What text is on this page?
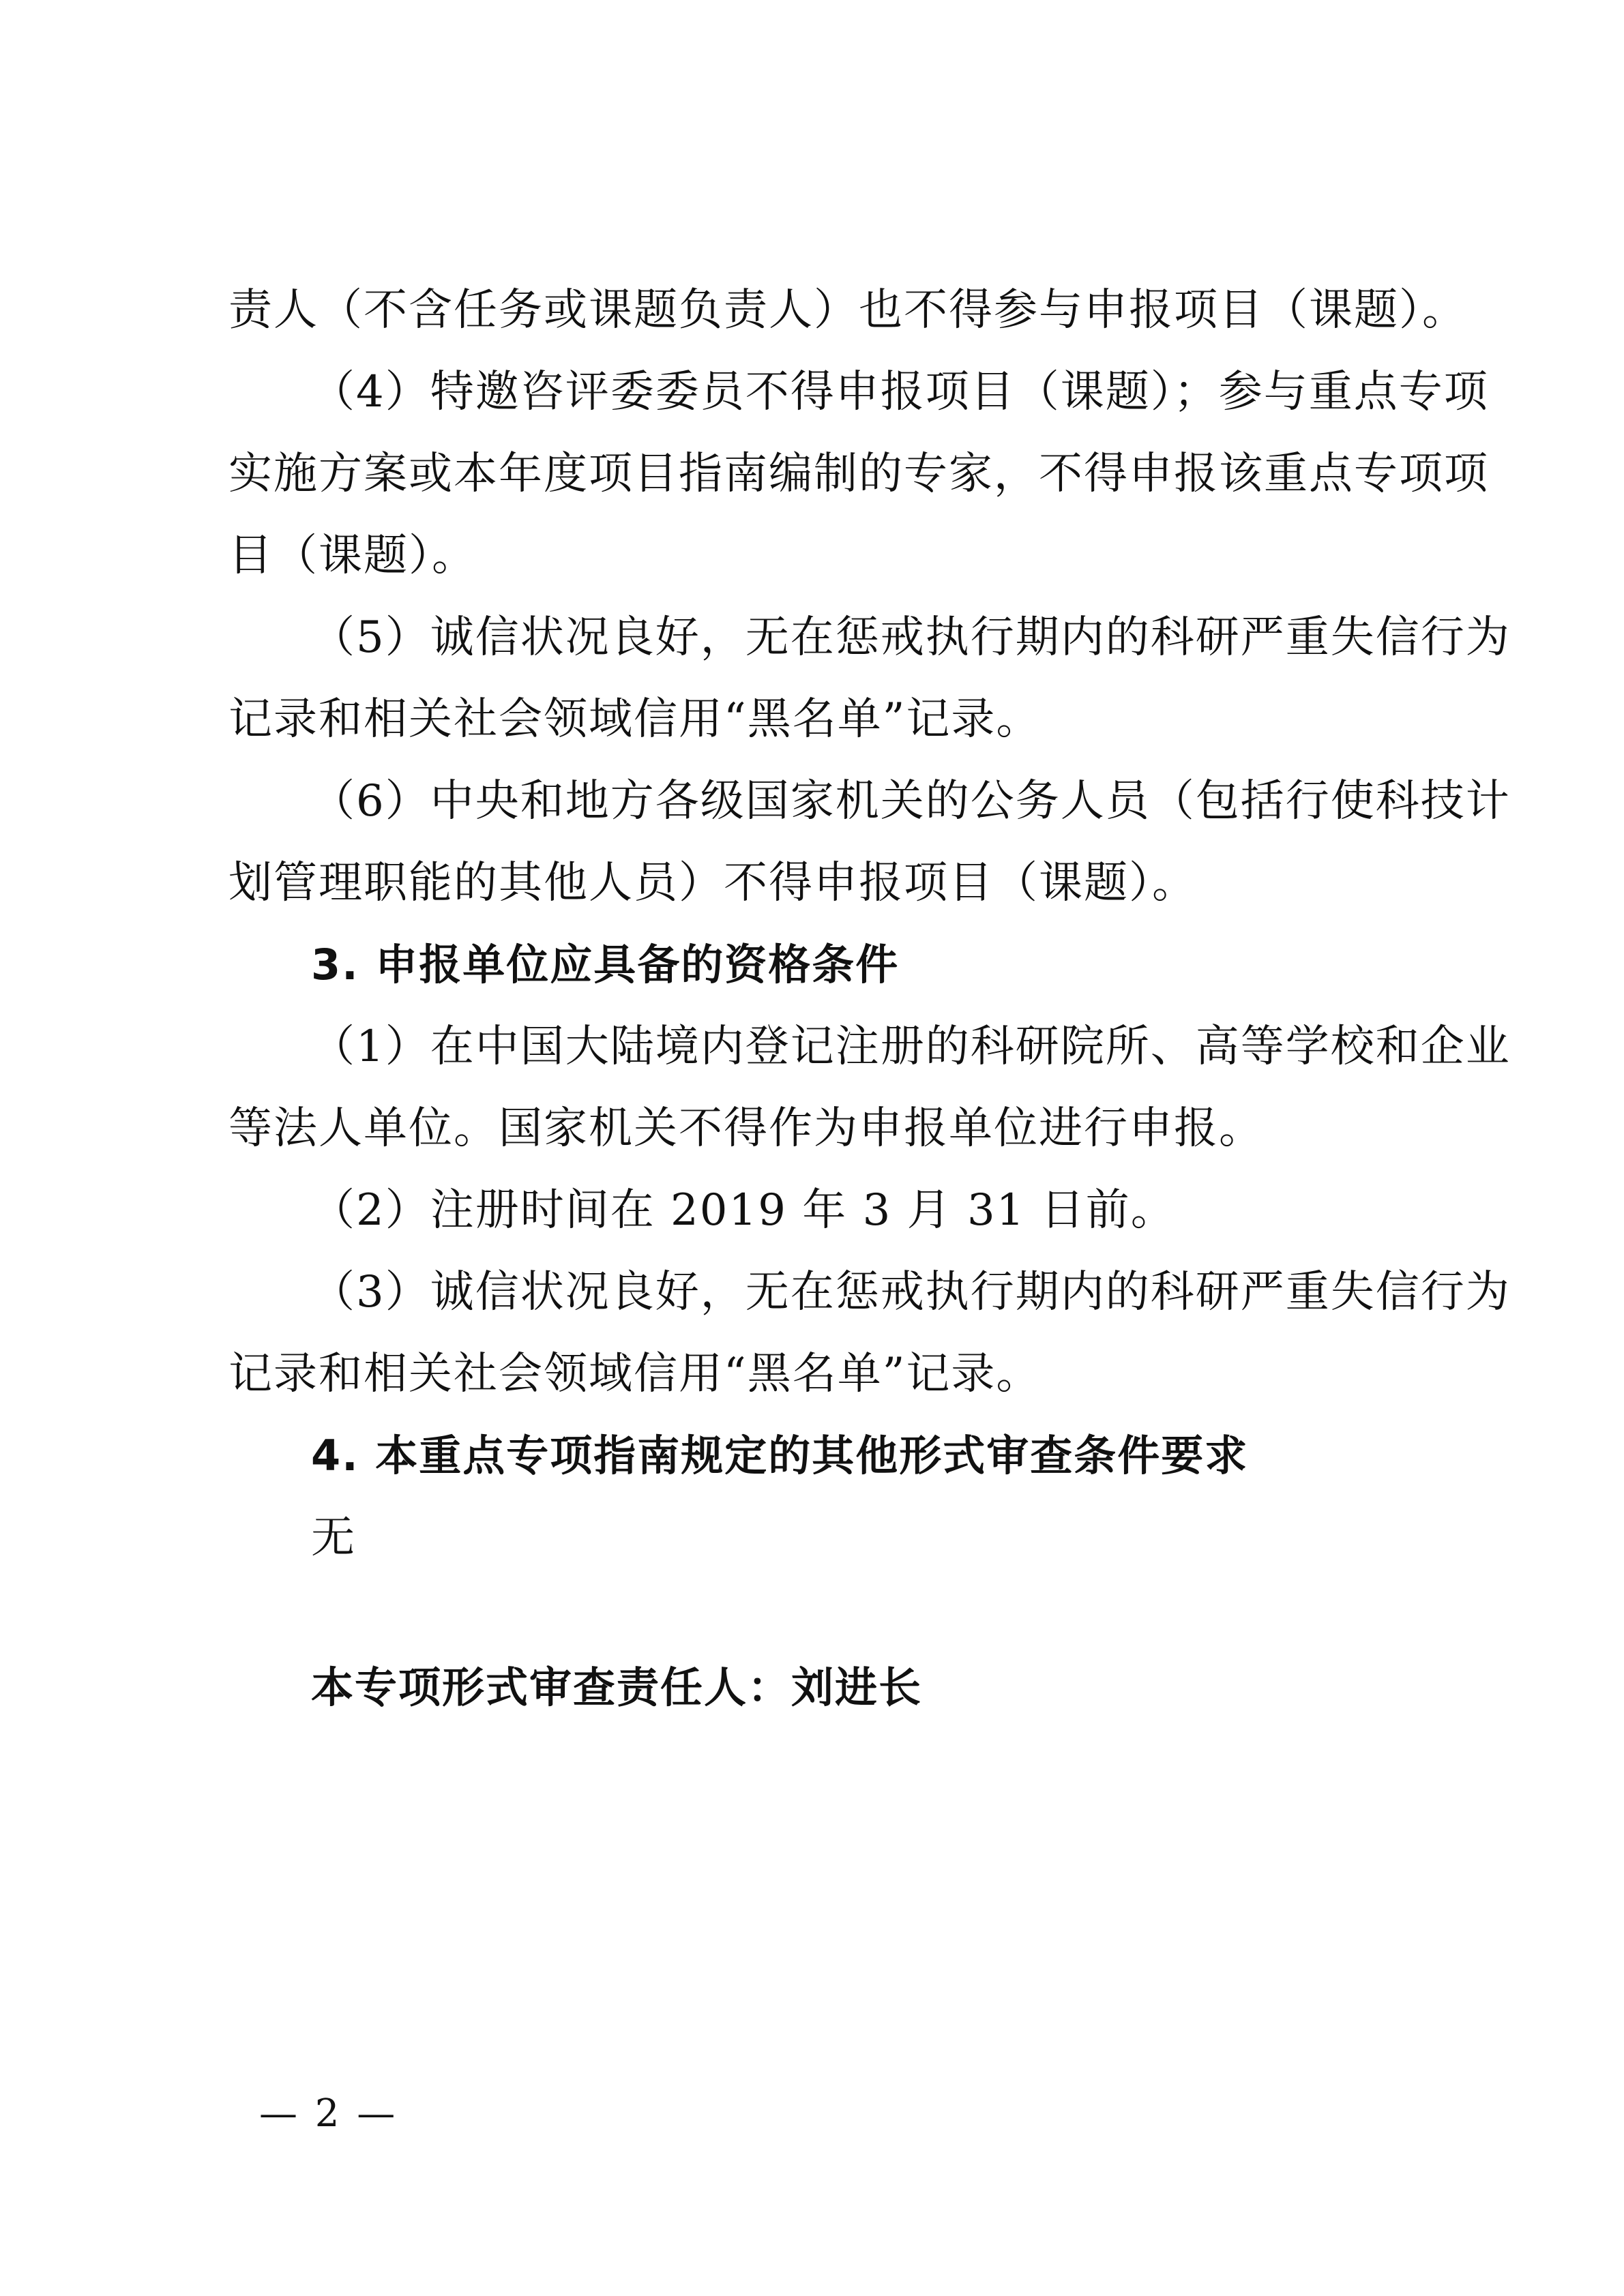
责人（不含任务或课题负责人）也不得参与申报项目（课题）。
（4）特邀咨评委委员不得申报项目（课题）；参与重点专项
实施方案或本年度项目指南编制的专家，不得申报该重点专项项
目（课题）。
（5）诚信状况良好，无在惩戒执行期内的科研严重失信行为
记录和相关社会领域信用“黑名单”记录。
（6）中央和地方各级国家机关的公务人员（包括行使科技计
划管理职能的其他人员）不得申报项目（课题）。
3. 申报单位应具备的资格条件
（1）在中国大陆境内登记注册的科研院所、高等学校和企业
等法人单位。国家机关不得作为申报单位进行申报。
（2）注册时间在 2019 年 3 月 31 日前。
（3）诚信状况良好，无在惩戒执行期内的科研严重失信行为
记录和相关社会领域信用“黑名单”记录。
4. 本重点专项指南规定的其他形式审查条件要求
无
本专项形式审查责任人：刘进长
— 2 —
